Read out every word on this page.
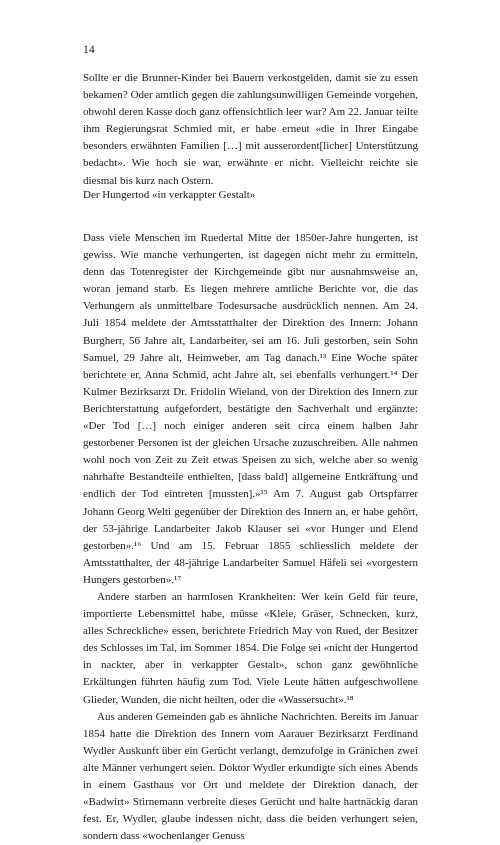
14

Sollte er die Brunner-Kinder bei Bauern verkostgelden, damit sie zu essen bekamen? Oder amtlich gegen die zahlungsunwilligen Gemeinde vorgehen, obwohl deren Kasse doch ganz offensichtlich leer war? Am 22. Januar teilte ihm Regierungsrat Schmied mit, er habe erneut «die in Ihrer Eingabe besonders erwähnten Familien […] mit ausserordent[licher] Unterstützung bedacht». Wie hoch sie war, erwähnte er nicht. Vielleicht reichte sie diesmal bis kurz nach Ostern.

Der Hungertod «in verkappter Gestalt»

Dass viele Menschen im Ruedertal Mitte der 1850er-Jahre hungerten, ist gewiss. Wie manche verhungerten, ist dagegen nicht mehr zu ermitteln, denn das Totenregister der Kirchgemeinde gibt nur ausnahmsweise an, woran jemand starb. Es liegen mehrere amtliche Berichte vor, die das Verhungern als unmittelbare Todesursache ausdrücklich nennen. Am 24. Juli 1854 meldete der Amtsstatthalter der Direktion des Innern: Johann Burgherr, 56 Jahre alt, Landarbeiter, sei am 16. Juli gestorben, sein Sohn Samuel, 29 Jahre alt, Heimweber, am Tag danach.¹³ Eine Woche später berichtete er, Anna Schmid, acht Jahre alt, sei ebenfalls verhungert.¹⁴ Der Kulmer Bezirksarzt Dr. Fridolin Wieland, von der Direktion des Innern zur Berichterstattung aufgefordert, bestätigte den Sachverhalt und ergänzte: «Der Tod […] noch einiger anderen seit circa einem halben Jahr gestorbener Personen ist der gleichen Ursache zuzuschreiben. Alle nahmen wohl noch von Zeit zu Zeit etwas Speisen zu sich, welche aber so wenig nahrhafte Bestandteile enthielten, [dass bald] allgemeine Entkräftung und endlich der Tod eintreten [mussten].»¹⁵ Am 7. August gab Ortspfarrer Johann Georg Welti gegenüber der Direktion des Innern an, er habe gehört, der 53-jährige Landarbeiter Jakob Klauser sei «vor Hunger und Elend gestorben».¹⁶ Und am 15. Februar 1855 schliesslich meldete der Amtsstatthalter, der 48-jährige Landarbeiter Samuel Häfeli sei «vorgestern Hungers gestorben».¹⁷

Andere starben an harmlosen Krankheiten: Wer kein Geld für teure, importierte Lebensmittel habe, müsse «Kleie, Gräser, Schnecken, kurz, alles Schreckliche» essen, berichtete Friedrich May von Rued, der Besitzer des Schlosses im Tal, im Sommer 1854. Die Folge sei «nicht der Hungertod in nackter, aber in verkappter Gestalt», schon ganz gewöhnliche Erkältungen führten häufig zum Tod. Viele Leute hätten aufgeschwollene Glieder, Wunden, die nicht heilten, oder die «Wassersucht».¹⁸

Aus anderen Gemeinden gab es ähnliche Nachrichten. Bereits im Januar 1854 hatte die Direktion des Innern vom Aarauer Bezirksarzt Ferdinand Wydler Auskunft über ein Gerücht verlangt, demzufolge in Gränichen zwei alte Männer verhungert seien. Doktor Wydler erkundigte sich eines Abends in einem Gasthaus vor Ort und meldete der Direktion danach, der «Badwirt» Stirnemann verbreite dieses Gerücht und halte hartnäckig daran fest. Er, Wydler, glaube indessen nicht, dass die beiden verhungert seien, sondern dass «wochenlanger Genuss
